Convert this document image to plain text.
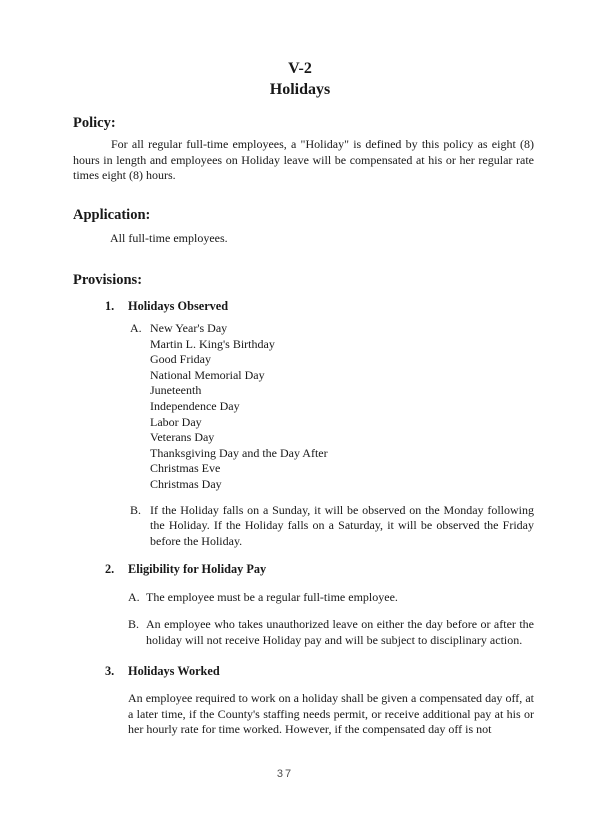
V-2
Holidays
Policy:

For all regular full-time employees, a "Holiday" is defined by this policy as eight (8) hours in length and employees on Holiday leave will be compensated at his or her regular rate times eight (8) hours.

Application:

All full-time employees.

Provisions:
1.	Holidays Observed
A. New Year's Day
Martin L. King's Birthday
Good Friday
National Memorial Day
Juneteenth
Independence Day
Labor Day
Veterans Day
Thanksgiving Day and the Day After
Christmas Eve
Christmas Day
B. If the Holiday falls on a Sunday, it will be observed on the Monday following the Holiday. If the Holiday falls on a Saturday, it will be observed the Friday before the Holiday.
2.	Eligibility for Holiday Pay
A. The employee must be a regular full-time employee.
B. An employee who takes unauthorized leave on either the day before or after the holiday will not receive Holiday pay and will be subject to disciplinary action.
3.	Holidays Worked

An employee required to work on a holiday shall be given a compensated day off, at a later time, if the County's staffing needs permit, or receive additional pay at his or her hourly rate for time worked. However, if the compensated day off is not

37
